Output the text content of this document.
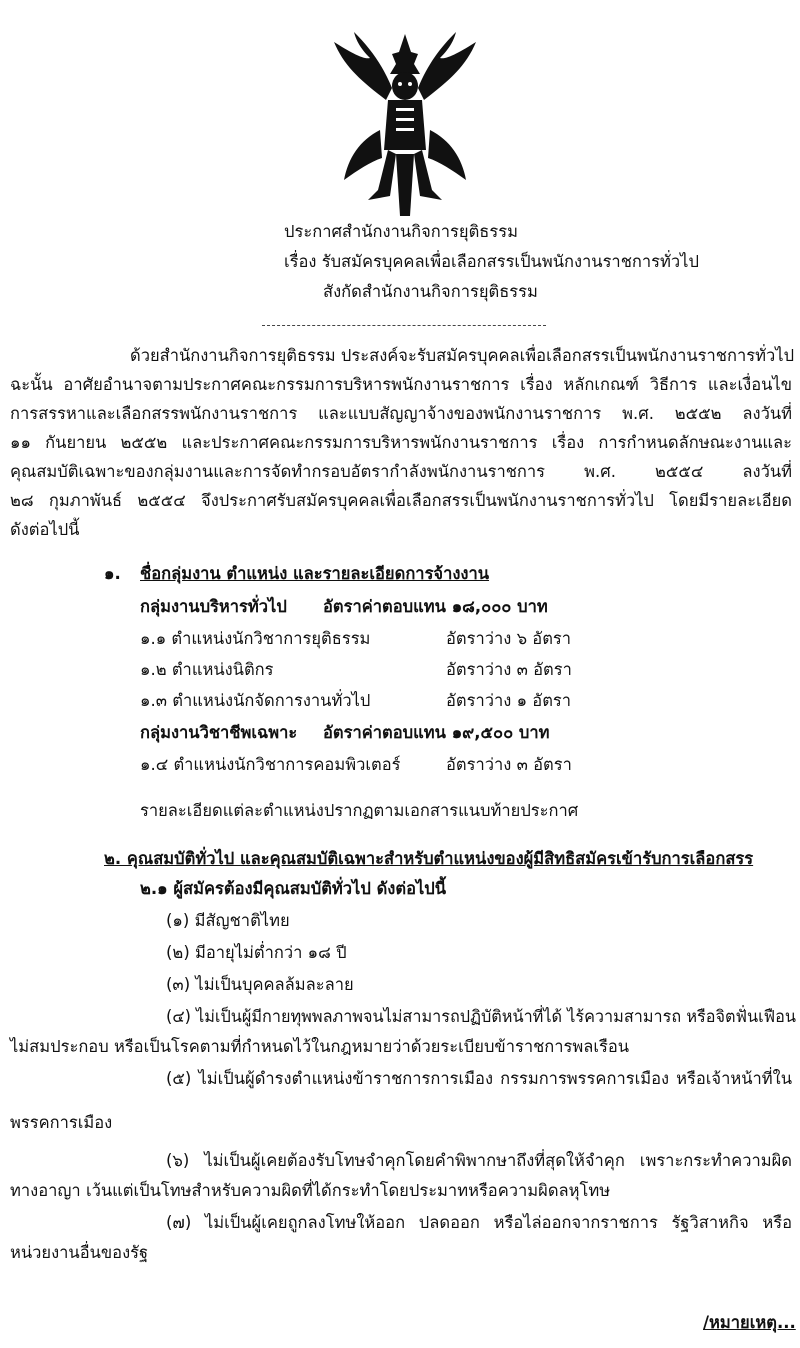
ประกาศสำนักงานกิจการยุติธรรม
เรื่อง รับสมัครบุคคลเพื่อเลือกสรรเป็นพนักงานราชการทั่วไป
สังกัดสำนักงานกิจการยุติธรรม
ด้วยสำนักงานกิจการยุติธรรม ประสงค์จะรับสมัครบุคคลเพื่อเลือกสรรเป็นพนักงานราชการทั่วไป
ฉะนั้น อาศัยอำนาจตามประกาศคณะกรรมการบริหารพนักงานราชการ เรื่อง หลักเกณฑ์ วิธีการ และเงื่อนไข
การสรรหาและเลือกสรรพนักงานราชการ และแบบสัญญาจ้างของพนักงานราชการ พ.ศ. ๒๕๕๒ ลงวันที่
๑๑ กันยายน ๒๕๕๒ และประกาศคณะกรรมการบริหารพนักงานราชการ เรื่อง การกำหนดลักษณะงานและ
คุณสมบัติเฉพาะของกลุ่มงานและการจัดทำกรอบอัตรากำลังพนักงานราชการ พ.ศ. ๒๕๕๔ ลงวันที่
๒๘ กุมภาพันธ์ ๒๕๕๔ จึงประกาศรับสมัครบุคคลเพื่อเลือกสรรเป็นพนักงานราชการทั่วไป โดยมีรายละเอียด
ดังต่อไปนี้
๑. ชื่อกลุ่มงาน ตำแหน่ง และรายละเอียดการจ้างงาน
กลุ่มงานบริหารทั่วไป อัตราค่าตอบแทน ๑๘,๐๐๐ บาท
๑.๑ ตำแหน่งนักวิชาการยุติธรรม	อัตราว่าง ๖ อัตรา
๑.๒ ตำแหน่งนิติกร	อัตราว่าง ๓ อัตรา
๑.๓ ตำแหน่งนักจัดการงานทั่วไป	อัตราว่าง ๑ อัตรา
กลุ่มงานวิชาชีพเฉพาะ อัตราค่าตอบแทน ๑๙,๕๐๐ บาท
๑.๔ ตำแหน่งนักวิชาการคอมพิวเตอร์	อัตราว่าง ๓ อัตรา
รายละเอียดแต่ละตำแหน่งปรากฏตามเอกสารแนบท้ายประกาศ
๒. คุณสมบัติทั่วไป และคุณสมบัติเฉพาะสำหรับตำแหน่งของผู้มีสิทธิสมัครเข้ารับการเลือกสรร
๒.๑ ผู้สมัครต้องมีคุณสมบัติทั่วไป ดังต่อไปนี้
(๑) มีสัญชาติไทย
(๒) มีอายุไม่ต่ำกว่า ๑๘ ปี
(๓) ไม่เป็นบุคคลล้มละลาย
(๔) ไม่เป็นผู้มีกายทุพพลภาพจนไม่สามารถปฏิบัติหน้าที่ได้ ไร้ความสามารถ หรือจิตฟั่นเฟือน
ไม่สมประกอบ หรือเป็นโรคตามที่กำหนดไว้ในกฎหมายว่าด้วยระเบียบข้าราชการพลเรือน
(๕) ไม่เป็นผู้ดำรงตำแหน่งข้าราชการการเมือง กรรมการพรรคการเมือง หรือเจ้าหน้าที่ใน
พรรคการเมือง
(๖) ไม่เป็นผู้เคยต้องรับโทษจำคุกโดยคำพิพากษาถึงที่สุดให้จำคุก เพราะกระทำความผิด
ทางอาญา เว้นแต่เป็นโทษสำหรับความผิดที่ได้กระทำโดยประมาทหรือความผิดลหุโทษ
(๗) ไม่เป็นผู้เคยถูกลงโทษให้ออก ปลดออก หรือไล่ออกจากราชการ รัฐวิสาหกิจ หรือ
หน่วยงานอื่นของรัฐ
/หมายเหตุ...
